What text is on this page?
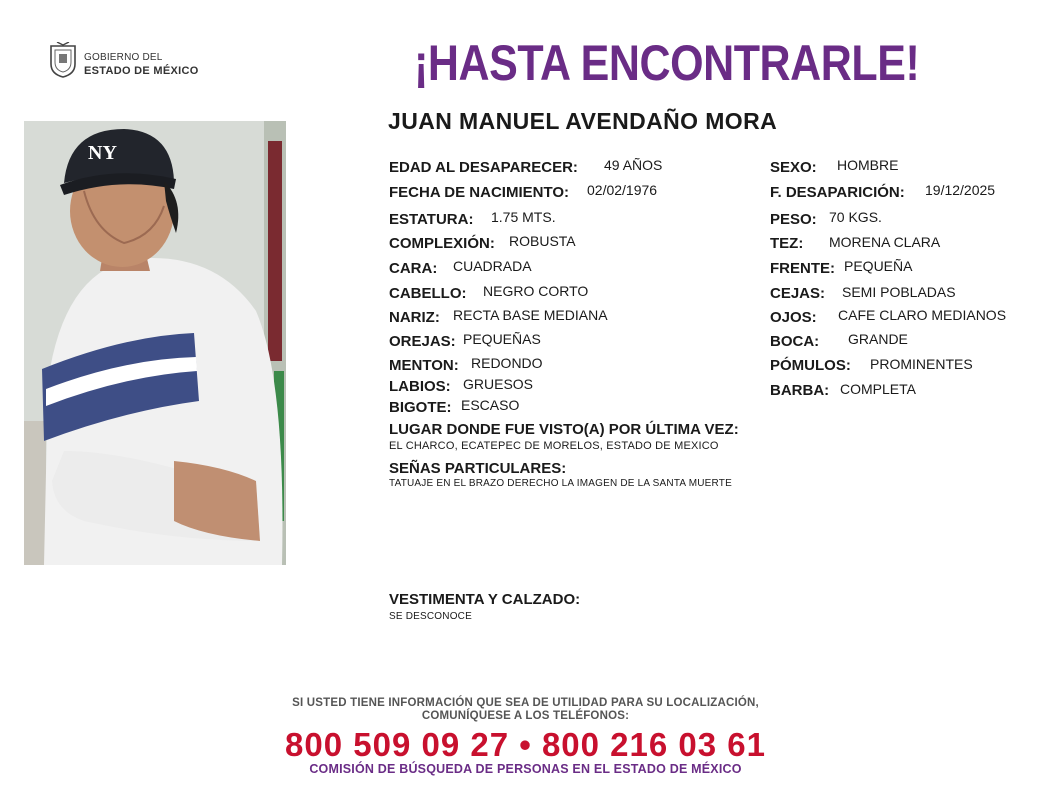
GOBIERNO DEL
ESTADO DE MÉXICO	¡HASTA ENCONTRARLE!
JUAN MANUEL AVENDAÑO MORA
NY
EDAD AL DESAPARECER: 49 AÑOS
FECHA DE NACIMIENTO: 02/02/1976
ESTATURA: 1.75 MTS.
COMPLEXIÓN: ROBUSTA
CARA: CUADRADA
CABELLO: NEGRO CORTO
NARIZ: RECTA BASE MEDIANA
OREJAS: PEQUEÑAS
MENTON: REDONDO
LABIOS: GRUESOS
BIGOTE: ESCASO
SEXO: HOMBRE
F. DESAPARICIÓN: 19/12/2025
PESO: 70 KGS.
TEZ: MORENA CLARA
FRENTE: PEQUEÑA
CEJAS: SEMI POBLADAS
OJOS: CAFE CLARO MEDIANOS
BOCA: GRANDE
PÓMULOS: PROMINENTES
BARBA: COMPLETA
LUGAR DONDE FUE VISTO(A) POR ÚLTIMA VEZ:
EL CHARCO, ECATEPEC DE MORELOS, ESTADO DE MEXICO
SEÑAS PARTICULARES:
TATUAJE EN EL BRAZO DERECHO LA IMAGEN DE LA SANTA MUERTE
VESTIMENTA Y CALZADO:
SE DESCONOCE
SI USTED TIENE INFORMACIÓN QUE SEA DE UTILIDAD PARA SU LOCALIZACIÓN,
COMUNÍQUESE A LOS TELÉFONOS:
800 509 09 27 • 800 216 03 61
COMISIÓN DE BÚSQUEDA DE PERSONAS EN EL ESTADO DE MÉXICO
